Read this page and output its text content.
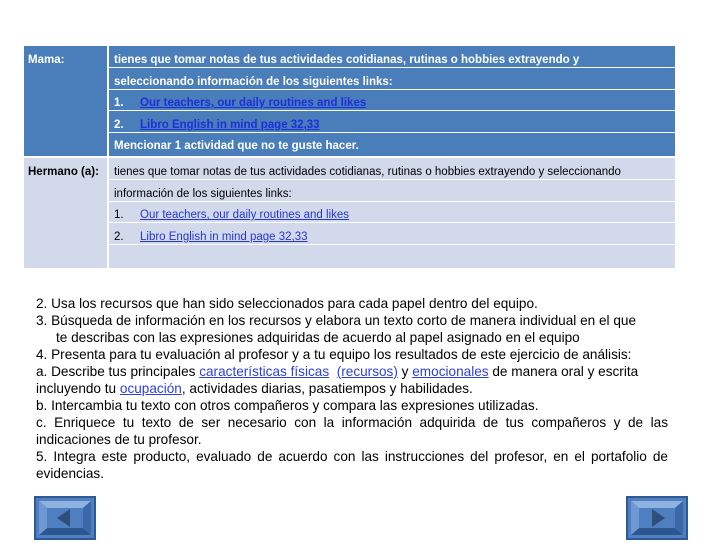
Mama:	tienes que tomar notas de tus actividades cotidianas, rutinas o hobbies extrayendo y
seleccionando información de los siguientes links:
1. Our teachers, our daily routines and likes
2. Libro English in mind page 32,33
Mencionar 1 actividad que no te guste hacer.
Hermano (a): tienes que tomar notas de tus actividades cotidianas, rutinas o hobbies extrayendo y seleccionando
información de los siguientes links:
1. Our teachers, our daily routines and likes
2. Libro English in mind page 32,33
2. Usa los recursos que han sido seleccionados para cada papel dentro del equipo.
3. Búsqueda de información en los recursos y elabora un texto corto de manera individual en el que
te describas con las expresiones adquiridas de acuerdo al papel asignado en el equipo
4. Presenta para tu evaluación al profesor y a tu equipo los resultados de este ejercicio de análisis:
a. Describe tus principales características físicas (recursos) y emocionales de manera oral y escrita
incluyendo tu ocupación, actividades diarias, pasatiempos y habilidades.
b. Intercambia tu texto con otros compañeros y compara las expresiones utilizadas.
c. Enriquece tu texto de ser necesario con la información adquirida de tus compañeros y de las
indicaciones de tu profesor.
5. Integra este producto, evaluado de acuerdo con las instrucciones del profesor, en el portafolio de
evidencias.
